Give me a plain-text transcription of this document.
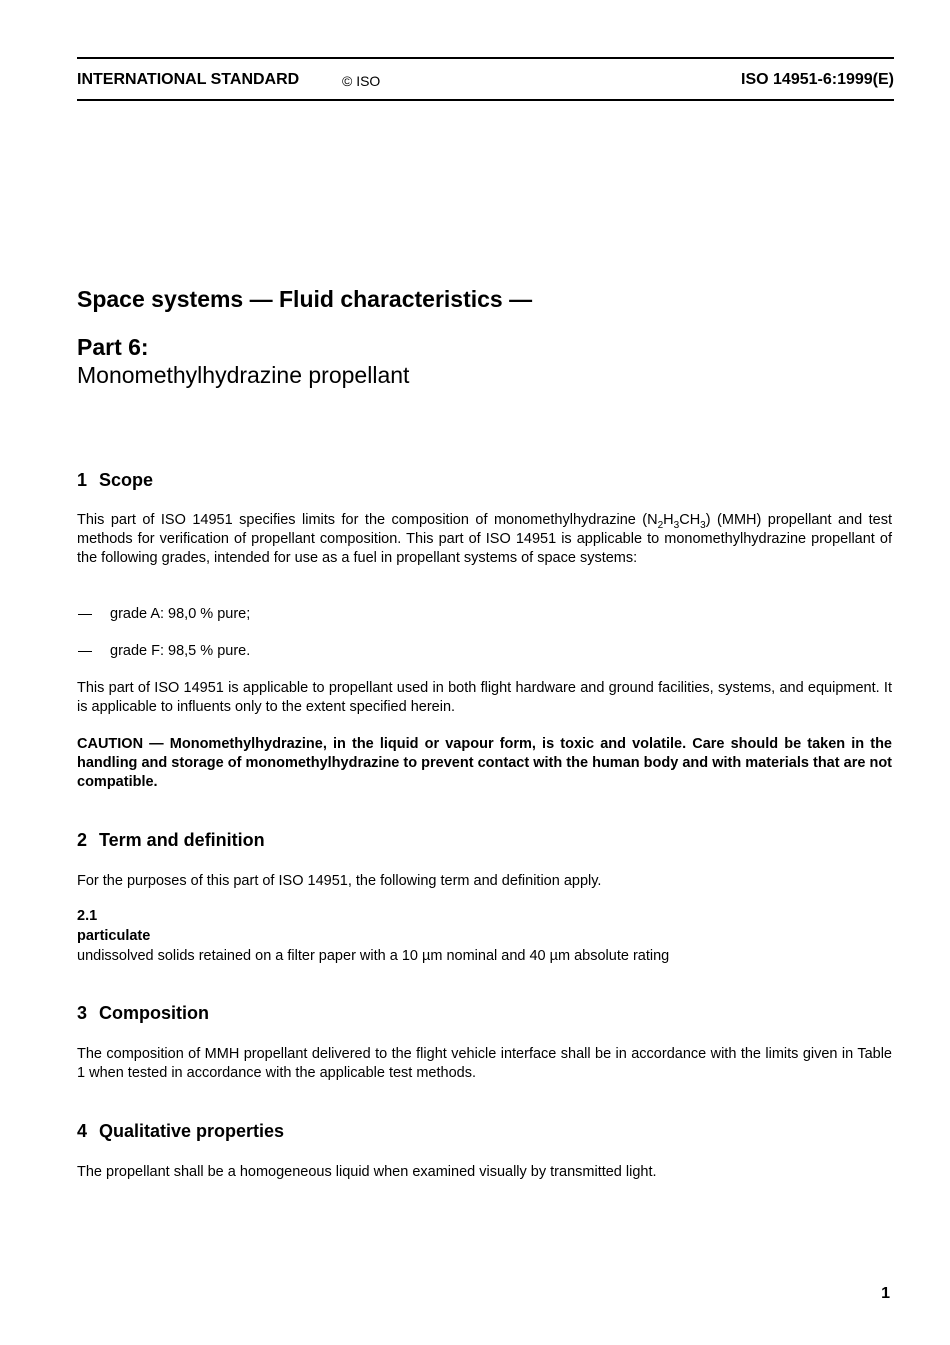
INTERNATIONAL STANDARD	© ISO	ISO 14951-6:1999(E)
Space systems — Fluid characteristics —
Part 6:
Monomethylhydrazine propellant
1 Scope
This part of ISO 14951 specifies limits for the composition of monomethylhydrazine $(N_2H_3CH_3)$ (MMH) propellant and test methods for verification of propellant composition. This part of ISO 14951 is applicable to monomethylhydrazine propellant of the following grades, intended for use as a fuel in propellant systems of space systems:
grade A: 98,0 % pure;
grade F: 98,5 % pure.
This part of ISO 14951 is applicable to propellant used in both flight hardware and ground facilities, systems, and equipment. It is applicable to influents only to the extent specified herein.
CAUTION — Monomethylhydrazine, in the liquid or vapour form, is toxic and volatile. Care should be taken in the handling and storage of monomethylhydrazine to prevent contact with the human body and with materials that are not compatible.
2 Term and definition
For the purposes of this part of ISO 14951, the following term and definition apply.
2.1
particulate
undissolved solids retained on a filter paper with a 10 µm nominal and 40 µm absolute rating
3 Composition
The composition of MMH propellant delivered to the flight vehicle interface shall be in accordance with the limits given in Table 1 when tested in accordance with the applicable test methods.
4 Qualitative properties
The propellant shall be a homogeneous liquid when examined visually by transmitted light.
1
